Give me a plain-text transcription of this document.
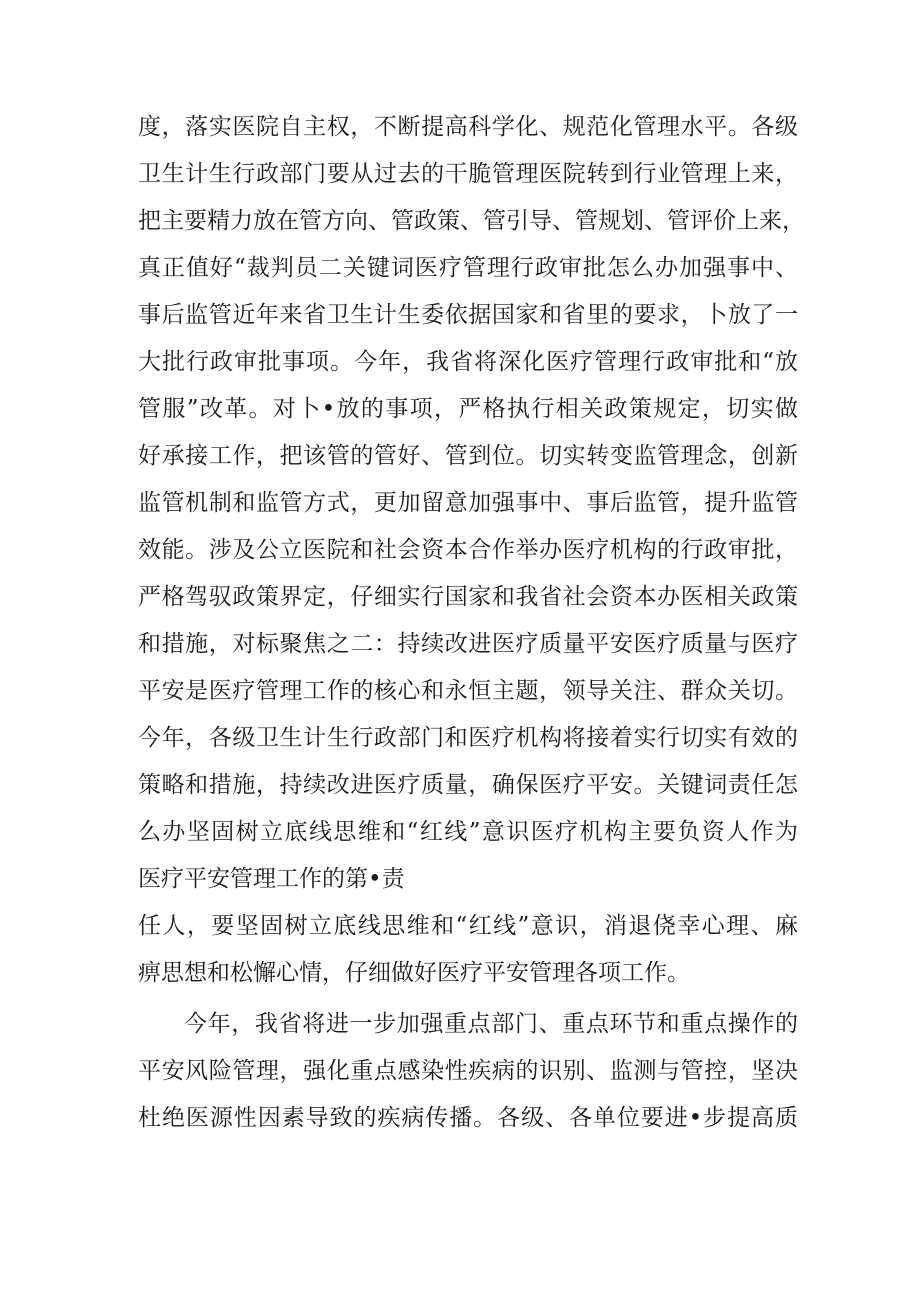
度，落实医院自主权，不断提高科学化、规范化管理水平。各级
卫生计生行政部门要从过去的干脆管理医院转到行业管理上来，
把主要精力放在管方向、管政策、管引导、管规划、管评价上来，
真正值好“裁判员二关键词医疗管理行政审批怎么办加强事中、
事后监管近年来省卫生计生委依据国家和省里的要求，卜放了一
大批行政审批事项。今年，我省将深化医疗管理行政审批和“放
管服”改革。对卜•放的事项，严格执行相关政策规定，切实做
好承接工作，把该管的管好、管到位。切实转变监管理念，创新
监管机制和监管方式，更加留意加强事中、事后监管，提升监管
效能。涉及公立医院和社会资本合作举办医疗机构的行政审批，
严格驾驭政策界定，仔细实行国家和我省社会资本办医相关政策
和措施，对标聚焦之二：持续改进医疗质量平安医疗质量与医疗
平安是医疗管理工作的核心和永恒主题，领导关注、群众关切。
今年，各级卫生计生行政部门和医疗机构将接着实行切实有效的
策略和措施，持续改进医疗质量，确保医疗平安。关键词责任怎
么办坚固树立底线思维和“红线”意识医疗机构主要负资人作为
医疗平安管理工作的第•责
任人，要坚固树立底线思维和“红线”意识，消退侥幸心理、麻
痹思想和松懈心情，仔细做好医疗平安管理各项工作。
今年，我省将进一步加强重点部门、重点环节和重点操作的
平安风险管理，强化重点感染性疾病的识别、监测与管控，坚决
杜绝医源性因素导致的疾病传播。各级、各单位要进•步提高质
